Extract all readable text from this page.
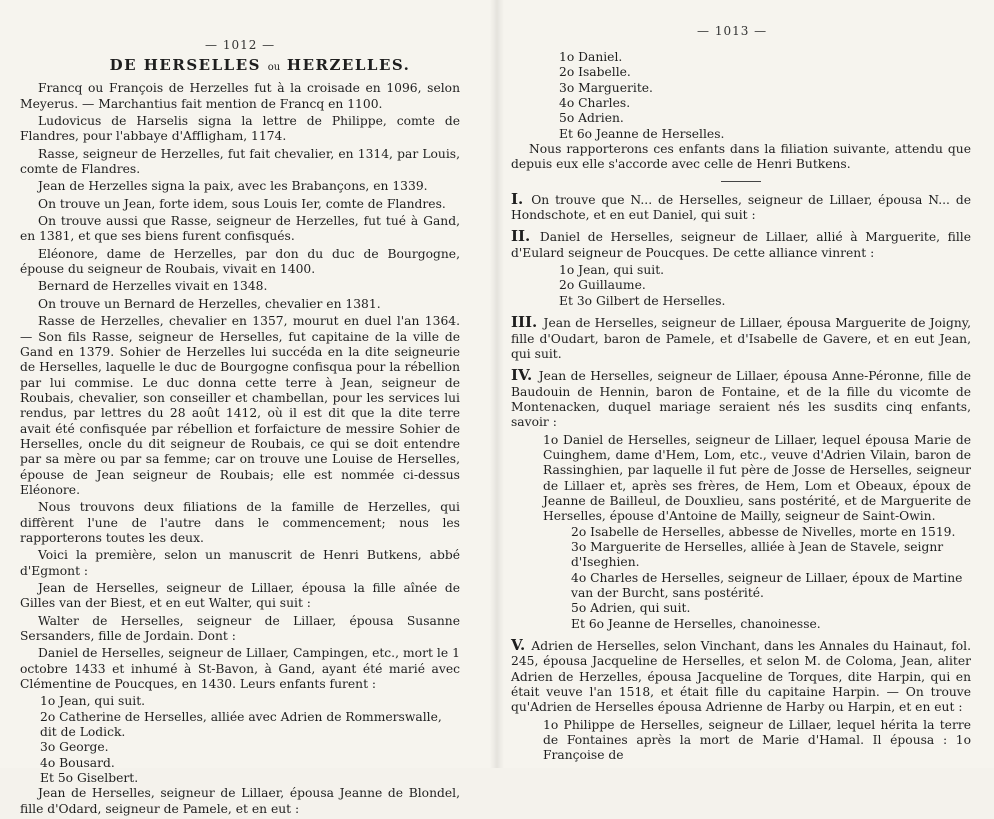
— 1012 —
DE HERSELLES ou HERZELLES.

Francq ou François de Herzelles fut à la croisade en 1096, selon Meyerus. — Marchantius fait mention de Francq en 1100.

Ludovicus de Harselis signa la lettre de Philippe, comte de Flandres, pour l'abbaye d'Affligham, 1174.

Rasse, seigneur de Herzelles, fut fait chevalier, en 1314, par Louis, comte de Flandres.

Jean de Herzelles signa la paix, avec les Brabançons, en 1339.

On trouve un Jean, forte idem, sous Louis Ier, comte de Flandres.

On trouve aussi que Rasse, seigneur de Herzelles, fut tué à Gand, en 1381, et que ses biens furent confisqués.

Eléonore, dame de Herzelles, par don du duc de Bourgogne, épouse du seigneur de Roubais, vivait en 1400.

Bernard de Herzelles vivait en 1348.

On trouve un Bernard de Herzelles, chevalier en 1381.

Rasse de Herzelles, chevalier en 1357, mourut en duel l'an 1364. — Son fils Rasse, seigneur de Herselles, fut capitaine de la ville de Gand en 1379. Sohier de Herzelles lui succéda en la dite seigneurie de Herselles, laquelle le duc de Bourgogne confisqua pour la rébellion par lui commise. Le duc donna cette terre à Jean, seigneur de Roubais, chevalier, son conseiller et chambellan, pour les services lui rendus, par lettres du 28 août 1412, où il est dit que la dite terre avait été confisquée par rébellion et forfaicture de messire Sohier de Herselles, oncle du dit seigneur de Roubais, ce qui se doit entendre par sa mère ou par sa femme; car on trouve une Louise de Herselles, épouse de Jean seigneur de Roubais; elle est nommée ci-dessus Eléonore.

Nous trouvons deux filiations de la famille de Herzelles, qui diffèrent l'une de l'autre dans le commencement; nous les rapporterons toutes les deux.

Voici la première, selon un manuscrit de Henri Butkens, abbé d'Egmont :

Jean de Herselles, seigneur de Lillaer, épousa la fille aînée de Gilles van der Biest, et en eut Walter, qui suit :

Walter de Herselles, seigneur de Lillaer, épousa Susanne Sersanders, fille de Jordain. Dont :

Daniel de Herselles, seigneur de Lillaer, Campingen, etc., mort le 1 octobre 1433 et inhumé à St-Bavon, à Gand, ayant été marié avec Clémentine de Poucques, en 1430. Leurs enfants furent :

1o Jean, qui suit.

2o Catherine de Herselles, alliée avec Adrien de Rommerswalle, dit de Lodick.

3o George.

4o Bousard.

Et 5o Giselbert.

Jean de Herselles, seigneur de Lillaer, épousa Jeanne de Blondel, fille d'Odard, seigneur de Pamele, et en eut :

— 1013 —

1o Daniel.

2o Isabelle.

3o Marguerite.

4o Charles.

5o Adrien.

Et 6o Jeanne de Herselles.

Nous rapporterons ces enfants dans la filiation suivante, attendu que depuis eux elle s'accorde avec celle de Henri Butkens.

I. On trouve que N... de Herselles, seigneur de Lillaer, épousa N... de Hondschote, et en eut Daniel, qui suit :

II. Daniel de Herselles, seigneur de Lillaer, allié à Marguerite, fille d'Eulard seigneur de Poucques. De cette alliance vinrent :

1o Jean, qui suit.

2o Guillaume.

Et 3o Gilbert de Herselles.

III. Jean de Herselles, seigneur de Lillaer, épousa Marguerite de Joigny, fille d'Oudart, baron de Pamele, et d'Isabelle de Gavere, et en eut Jean, qui suit.

IV. Jean de Herselles, seigneur de Lillaer, épousa Anne-Péronne, fille de Baudouin de Hennin, baron de Fontaine, et de la fille du vicomte de Montenacken, duquel mariage seraient nés les susdits cinq enfants, savoir :

1o Daniel de Herselles, seigneur de Lillaer, lequel épousa Marie de Cuinghem, dame d'Hem, Lom, etc., veuve d'Adrien Vilain, baron de Rassinghien, par laquelle il fut père de Josse de Herselles, seigneur de Lillaer et, après ses frères, de Hem, Lom et Obeaux, époux de Jeanne de Bailleul, de Douxlieu, sans postérité, et de Marguerite de Herselles, épouse d'Antoine de Mailly, seigneur de Saint-Owin.

2o Isabelle de Herselles, abbesse de Nivelles, morte en 1519.

3o Marguerite de Herselles, alliée à Jean de Stavele, seignr d'Iseghien.

4o Charles de Herselles, seigneur de Lillaer, époux de Martine van der Burcht, sans postérité.

5o Adrien, qui suit.

Et 6o Jeanne de Herselles, chanoinesse.

V. Adrien de Herselles, selon Vinchant, dans les Annales du Hainaut, fol. 245, épousa Jacqueline de Herselles, et selon M. de Coloma, Jean, aliter Adrien de Herzelles, épousa Jacqueline de Torques, dite Harpin, qui en était veuve l'an 1518, et était fille du capitaine Harpin. — On trouve qu'Adrien de Herselles épousa Adrienne de Harby ou Harpin, et en eut :

1o Philippe de Herselles, seigneur de Lillaer, lequel hérita la terre de Fontaines après la mort de Marie d'Hamal. Il épousa : 1o Françoise de
